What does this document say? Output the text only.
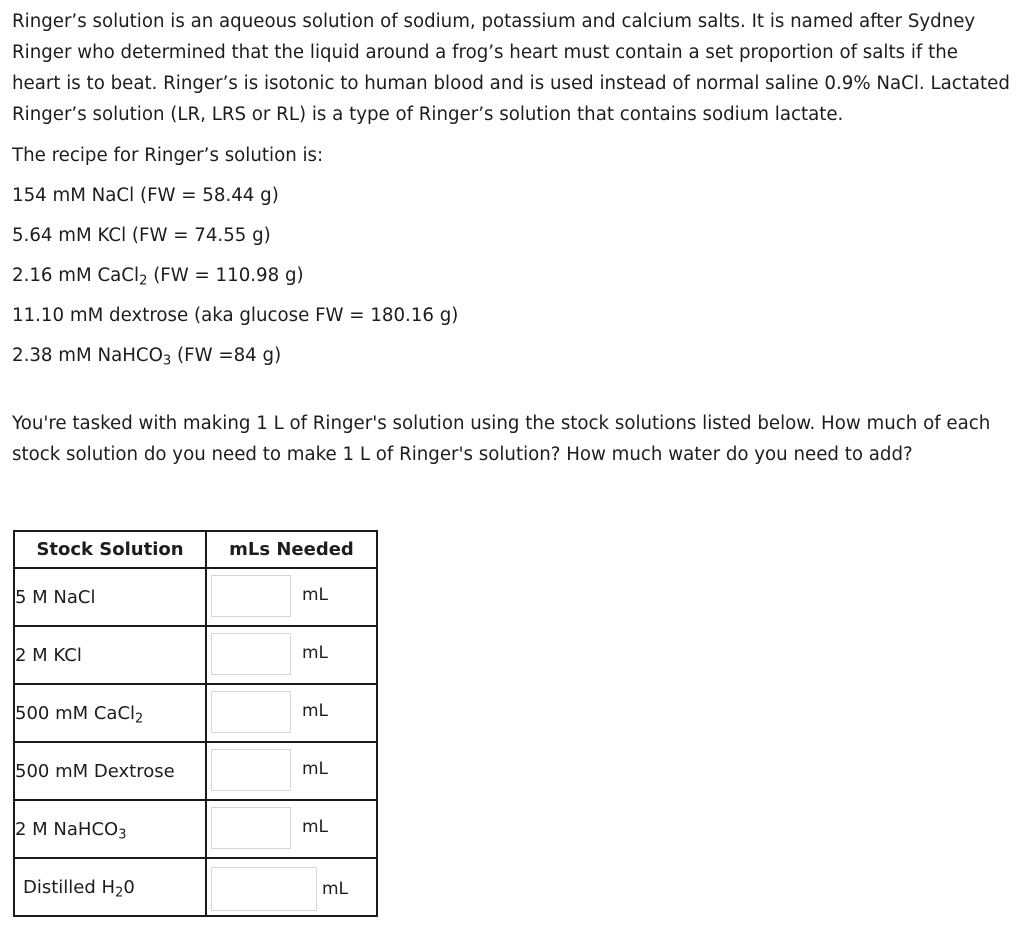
Ringer’s solution is an aqueous solution of sodium, potassium and calcium salts. It is named after Sydney Ringer who determined that the liquid around a frog’s heart must contain a set proportion of salts if the heart is to beat. Ringer’s is isotonic to human blood and is used instead of normal saline 0.9% NaCl. Lactated Ringer’s solution (LR, LRS or RL) is a type of Ringer’s solution that contains sodium lactate.

The recipe for Ringer’s solution is:

154 mM NaCl (FW = 58.44 g)

5.64 mM KCl (FW = 74.55 g)

2.16 mM CaCl$_2$ (FW = 110.98 g)

11.10 mM dextrose (aka glucose FW = 180.16 g)

2.38 mM NaHCO$_3$ (FW =84 g)

You're tasked with making 1 L of Ringer's solution using the stock solutions listed below. How much of each stock solution do you need to make 1 L of Ringer's solution? How much water do you need to add?

Stock Solution	mLs Needed
5 M NaCl	mL

2 M KCl	mL

500 mM CaCl$_2$	mL

500 mM Dextrose	mL

2 M NaHCO$_3$	mL

Distilled $H_20$	mL
